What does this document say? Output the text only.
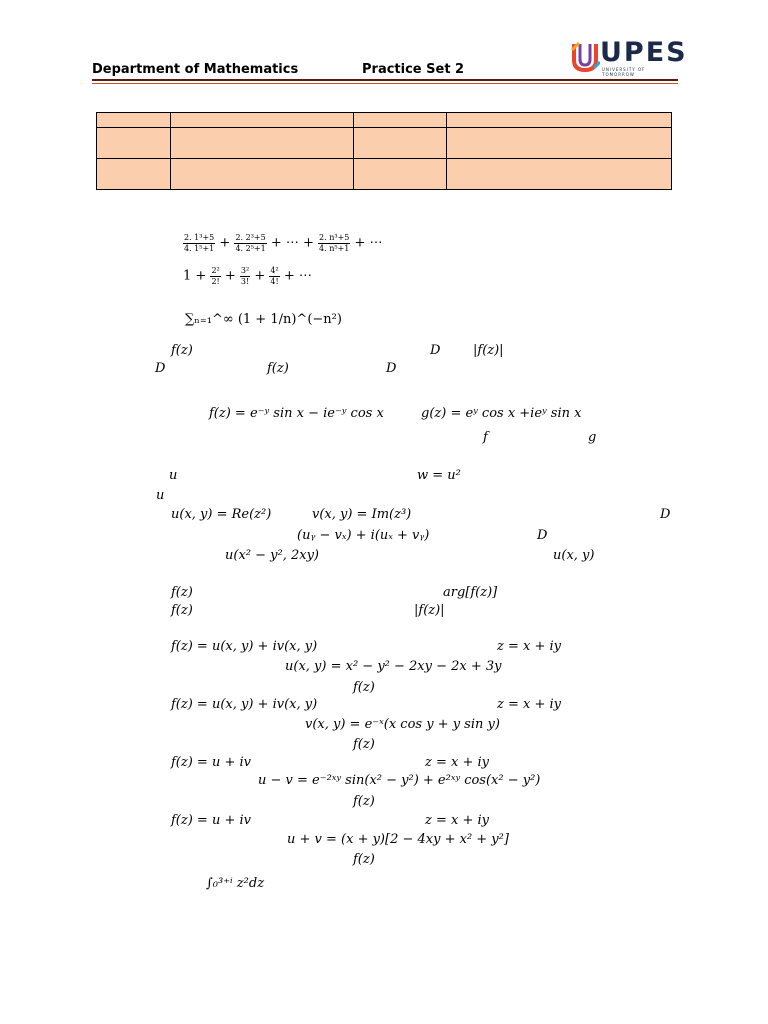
Department of Mathematics	Practice Set 2
UPES
UNIVERSITY OF TOMORROW

$\frac{\text{2. 1³+5}}{\text{4. 1⁵+1}} + \frac{\text{2. 2³+5}}{\text{4. 2⁵+1}}$ + ⋯ + $\frac{\text{2. n³+5}}{\text{4. n⁵+1}}$ + ⋯
$1 + \frac{\text{2²}}{2!} + \frac{\text{3²}}{3!} + \frac{\text{4²}}{4!}$ + ⋯
∑ₙ₌₁^∞ (1 + 1/n)^(−n²)
f(z)	D	|f(z)|
D	f(z)	D
f(z) = e⁻ʸ sin x − ie⁻ʸ cos x	g(z) = eʸ cos x +ieʸ sin x
f	g
u	w = u²
u
u(x, y) = Re(z²)	v(x, y) = Im(z³)	D
(uᵧ − vₓ) + i(uₓ + vᵧ)	D
u(x² − y², 2xy)	u(x, y)
f(z)	arg[f(z)]
f(z)	|f(z)|
f(z) = u(x, y) + iv(x, y)	z = x + iy
u(x, y) = x² − y² − 2xy − 2x + 3y
f(z)
f(z) = u(x, y) + iv(x, y)	z = x + iy
v(x, y) = e⁻ˣ(x cos y + y sin y)
f(z)
f(z) = u + iv	z = x + iy
u − v = e⁻²ˣʸ sin(x² − y²) + e²ˣʸ cos(x² − y²)
f(z)
f(z) = u + iv	z = x + iy
u + v = (x + y)[2 − 4xy + x² + y²]
f(z)
∫₀³⁺ⁱ z²dz
